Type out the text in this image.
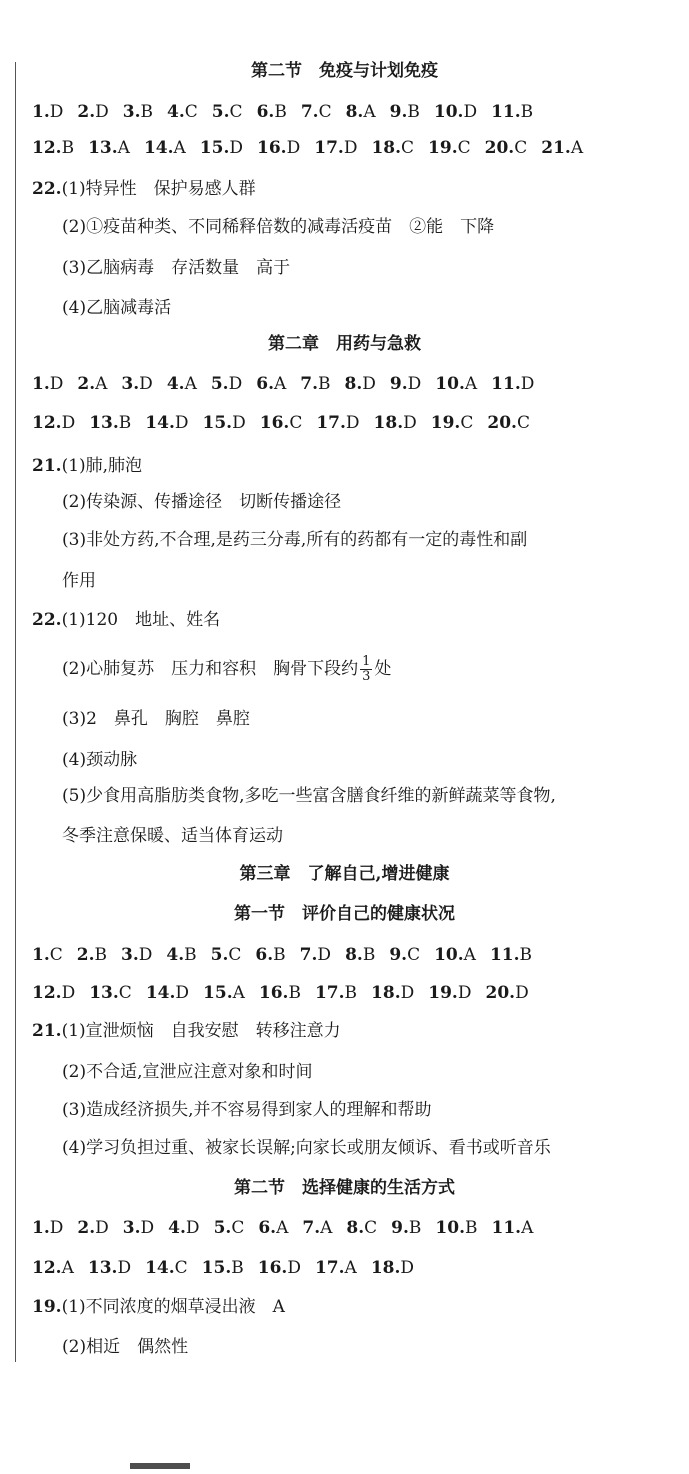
第二节　免疫与计划免疫
1.D 2.D 3.B 4.C 5.C 6.B 7.C 8.A 9.B 10.D 11.B
12.B 13.A 14.A 15.D 16.D 17.D 18.C 19.C 20.C 21.A
22.(1)特异性　保护易感人群
(2)①疫苗种类、不同稀释倍数的减毒活疫苗　②能　下降
(3)乙脑病毒　存活数量　高于
(4)乙脑减毒活
第二章　用药与急救
1.D 2.A 3.D 4.A 5.D 6.A 7.B 8.D 9.D 10.A 11.D
12.D 13.B 14.D 15.D 16.C 17.D 18.D 19.C 20.C
21.(1)肺,肺泡
(2)传染源、传播途径　切断传播途径
(3)非处方药,不合理,是药三分毒,所有的药都有一定的毒性和副
作用
22.(1)120　地址、姓名
(2)心肺复苏　压力和容积　胸骨下段约 $\frac{1}{3}$ 处
(3)2　鼻孔　胸腔　鼻腔
(4)颈动脉
(5)少食用高脂肪类食物,多吃一些富含膳食纤维的新鲜蔬菜等食物,
冬季注意保暖、适当体育运动
第三章　了解自己,增进健康
第一节　评价自己的健康状况
1.C 2.B 3.D 4.B 5.C 6.B 7.D 8.B 9.C 10.A 11.B
12.D 13.C 14.D 15.A 16.B 17.B 18.D 19.D 20.D
21.(1)宣泄烦恼　自我安慰　转移注意力
(2)不合适,宣泄应注意对象和时间
(3)造成经济损失,并不容易得到家人的理解和帮助
(4)学习负担过重、被家长误解;向家长或朋友倾诉、看书或听音乐
第二节　选择健康的生活方式
1.D 2.D 3.D 4.D 5.C 6.A 7.A 8.C 9.B 10.B 11.A
12.A 13.D 14.C 15.B 16.D 17.A 18.D
19.(1)不同浓度的烟草浸出液　A
(2)相近　偶然性
